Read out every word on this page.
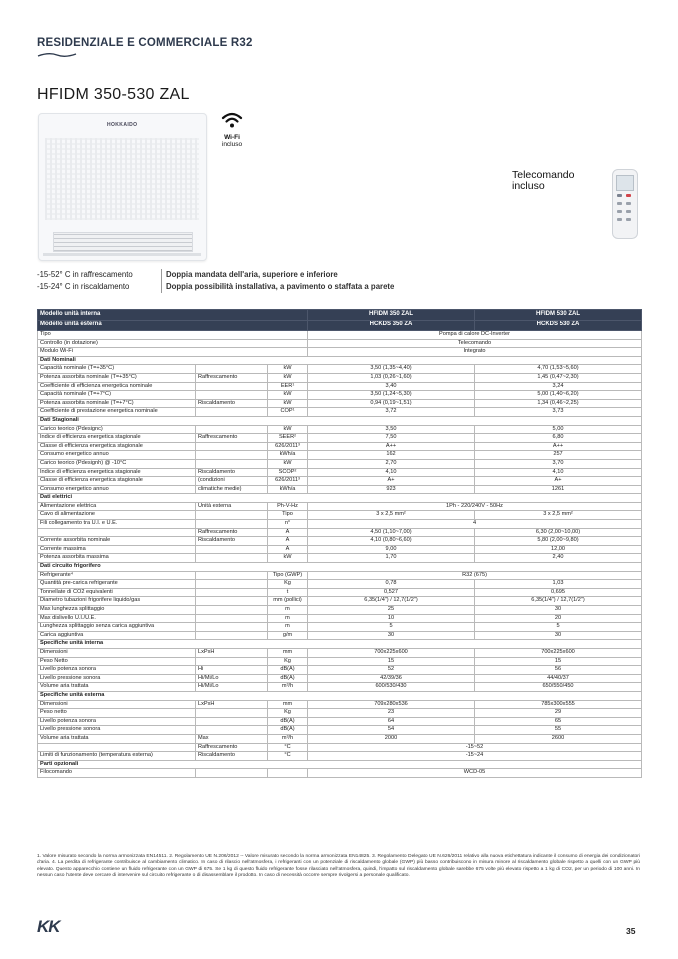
RESIDENZIALE E COMMERCIALE R32
HFIDM 350-530 ZAL
HOKKAIDO
Wi-Fi
incluso
Telecomando
incluso
-15-52° C in raffrescamento	Doppia mandata dell'aria, superiore e inferiore
-15-24° C in riscaldamento	Doppia possibilità installativa, a pavimento o staffata a parete
Modello unità interna			HFIDM 350 ZAL	HFIDM 530 ZAL
Modello unità esterna			HCKDS 350 ZA	HCKDS 530 ZA
Tipo			Pompa di calore DC-Inverter	
Controllo (in dotazione)			Telecomando	
Modulo Wi-Fi			Integrato	
Dati Nominali				
Capacità nominale (T=+35°C)		kW	3,50 (1,35~4,40)	4,70 (1,53~5,60)
Potenza assorbita nominale (T=+35°C)	Raffrescamento	kW	1,03 (0,26~1,60)	1,45 (0,47~2,30)
Coefficiente di efficienza energetica nominale		EER¹	3,40	3,24
Capacità nominale (T=+7°C)		kW	3,50 (1,24~5,30)	5,00 (1,40~6,20)
Potenza assorbita nominale (T=+7°C)	Riscaldamento	kW	0,94 (0,19~1,51)	1,34 (0,46~2,25)
Coefficiente di prestazione energetica nominale		COP¹	3,72	3,73
Dati Stagionali				
Carico teorico (Pdesignc)		kW	3,50	5,00
Indice di efficienza energetica stagionale	Raffrescamento	SEER²	7,50	6,80
Classe di efficienza energetica stagionale		626/2011³	A++	A++
Consumo energetico annuo		kWh/a	162	257
Carico teorico (Pdesignh) @ -10°C		kW	2,70	3,70
Indice di efficienza energetica stagionale	Riscaldamento	SCOP²	4,10	4,10
Classe di efficienza energetica stagionale	(condizioni	626/2011³	A+	A+
Consumo energetico annuo	climatiche medie)	kWh/a	923	1261
Dati elettrici				
Alimentazione elettrica	Unità esterna	Ph-V-Hz	1Ph - 220/240V - 50Hz	
Cavo di alimentazione		Tipo	3 x 2,5 mm²	3 x 2,5 mm²
Fili collegamento tra U.I. e U.E.		n°	4	
	Raffrescamento	A	4,50 (1,10~7,00)	6,30 (2,00~10,00)
Corrente assorbita nominale	Riscaldamento	A	4,10 (0,80~6,60)	5,80 (2,00~9,80)
Corrente massima		A	9,00	12,00
Potenza assorbita massima		kW	1,70	2,40
Dati circuito frigorifero				
Refrigerante⁴		Tipo (GWP)	R32 (675)	
Quantità pre-carica refrigerante		Kg	0,78	1,03
Tonnellate di CO2 equivalenti		t	0,527	0,695
Diametro tubazioni frigorifere liquido/gas		mm (pollici)	6,35(1/4") / 12,7(1/2")	6,35(1/4") / 12,7(1/2")
Max lunghezza splittaggio		m	25	30
Max dislivello U.I./U.E.		m	10	20
Lunghezza splittaggio senza carica aggiuntiva		m	5	5
Carica aggiuntiva		g/m	30	30
Specifiche unità interna				
Dimensioni	LxPxH	mm	700x225x600	700x225x600
Peso Netto		Kg	15	15
Livello potenza sonora	Hi	dB(A)	52	56
Livello pressione sonora	Hi/Mi/Lo	dB(A)	42/39/36	44/40/37
Volume aria trattata	Hi/Mi/Lo	m³/h	600/530/430	650/550/450
Specifiche unità esterna				
Dimensioni	LxPxH	mm	709x280x536	785x300x555
Peso netto		Kg	23	29
Livello potenza sonora		dB(A)	64	65
Livello pressione sonora		dB(A)	54	55
Volume aria trattata	Max	m³/h	2000	2600
	Raffrescamento	°C	-15~52	
Limiti di funzionamento (temperatura esterna)	Riscaldamento	°C	-15~24	
Parti opzionali				
Filocomando			WCD-05	
1. Valore misurato secondo la norma armonizzata EN14511. 2. Regolamento UE N.206/2012 -- Valore misurato secondo la norma armonizzata EN14825. 3. Regolamento Delegato UE N.626/2011 relativo alla nuova etichettatura indicante il consumo di energia dei condizionatori d'aria. 4. La perdita di refrigerante contribuisce al cambiamento climatico. In caso di rilascio nell'atmosfera, i refrigeranti con un potenziale di riscaldamento globale (GWP) più basso contribuiscono in misura minore al riscaldamento globale rispetto a quelli con un GWP più elevato. Questo apparecchio contiene un fluido refrigerante con un GWP di 675. Se 1 kg di questo fluido refrigerante fosse rilasciato nell'atmosfera, quindi, l'impatto sul riscaldamento globale sarebbe 675 volte più elevato rispetto a 1 kg di CO2, per un periodo di 100 anni. In nessun caso l'utente deve cercare di intervenire sul circuito refrigerante o di disassemblare il prodotto. In caso di necessità occorre sempre rivolgersi a personale qualificato.
KK	35
